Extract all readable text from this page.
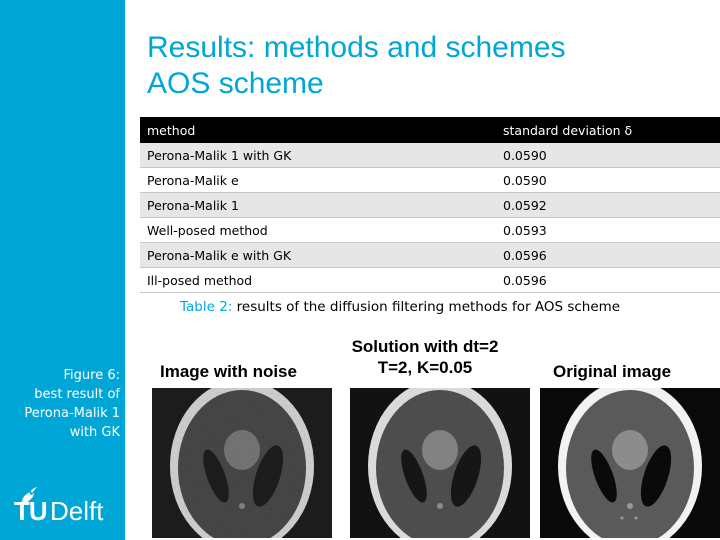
Figure 6:
best result of
Perona-Malik 1
with GK
TU Delft
Results: methods and schemes
AOS scheme
method	standard deviation δ
Perona-Malik 1 with GK	0.0590
Perona-Malik e	0.0590
Perona-Malik 1	0.0592
Well-posed method	0.0593
Perona-Malik e with GK	0.0596
Ill-posed method	0.0596
Table 2: results of the diffusion filtering methods for AOS scheme
Solution with dt=2
T=2, K=0.05
Image with noise	Original image
